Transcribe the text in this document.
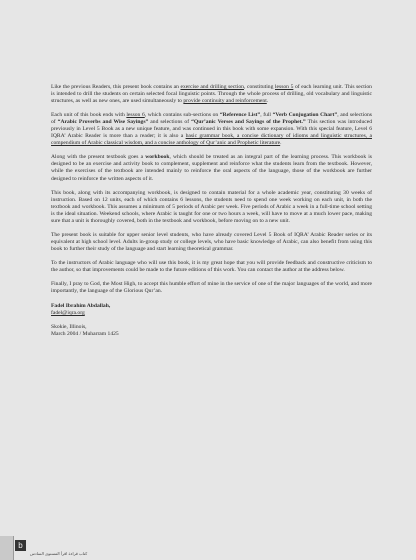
Like the previous Readers, this present book contains an exercise and drilling section, constituting lesson 5 of each learning unit. This section is intended to drill the students on certain selected focal linguistic points. Through the whole process of drilling, old vocabulary and linguistic structures, as well as new ones, are used simultaneously to provide continuity and reinforcement.

Each unit of this book ends with lesson 6, which contains sub-sections on “Reference List”, full “Verb Conjugation Chart”, and selections of “Arabic Proverbs and Wise Sayings” and selections of “Qur’anic Verses and Sayings of the Prophet.” This section was introduced previously in Level 5 Book as a new unique feature, and was continued in this book with some expansion. With this special feature, Level 6 IQRA’ Arabic Reader is more than a reader; it is also a basic grammar book, a concise dictionary of idioms and linguistic structures, a compendium of Arabic classical wisdom, and a concise anthology of Qur’anic and Prophetic literature.

Along with the present textbook goes a workbook, which should be treated as an integral part of the learning process. This workbook is designed to be an exercise and activity book to complement, supplement and reinforce what the students learn from the textbook. However, while the exercises of the textbook are intended mainly to reinforce the oral aspects of the language, those of the workbook are further designed to reinforce the written aspects of it.

This book, along with its accompanying workbook, is designed to contain material for a whole academic year, constituting 30 weeks of instruction. Based on 12 units, each of which contains 6 lessons, the students need to spend one week working on each unit, in both the textbook and workbook. This assumes a minimum of 5 periods of Arabic per week. Five periods of Arabic a week in a full-time school setting is the ideal situation. Weekend schools, where Arabic is taught for one or two hours a week, will have to move at a much lower pace, making sure that a unit is thoroughly covered, both in the textbook and workbook, before moving on to a new unit.

The present book is suitable for upper senior level students, who have already covered Level 5 Book of IQRA’ Arabic Reader series or its equivalent at high school level. Adults in-group study or college levels, who have basic knowledge of Arabic, can also benefit from using this book to further their study of the language and start learning theoretical grammar.

To the instructors of Arabic language who will use this book, it is my great hope that you will provide feedback and constructive criticism to the author, so that improvements could be made to the future editions of this work. You can contact the author at the address below.

Finally, I pray to God, the Most High, to accept this humble effort of mine in the service of one of the major languages of the world, and more importantly, the language of the Glorious Qur’an.

Fadel Ibrahim Abdallah,
fadel@iqra.org
Skokie, Illinois,
March 2004 / Muharram 1425
b
كتاب قراءة اقرأ المستوى السادس
